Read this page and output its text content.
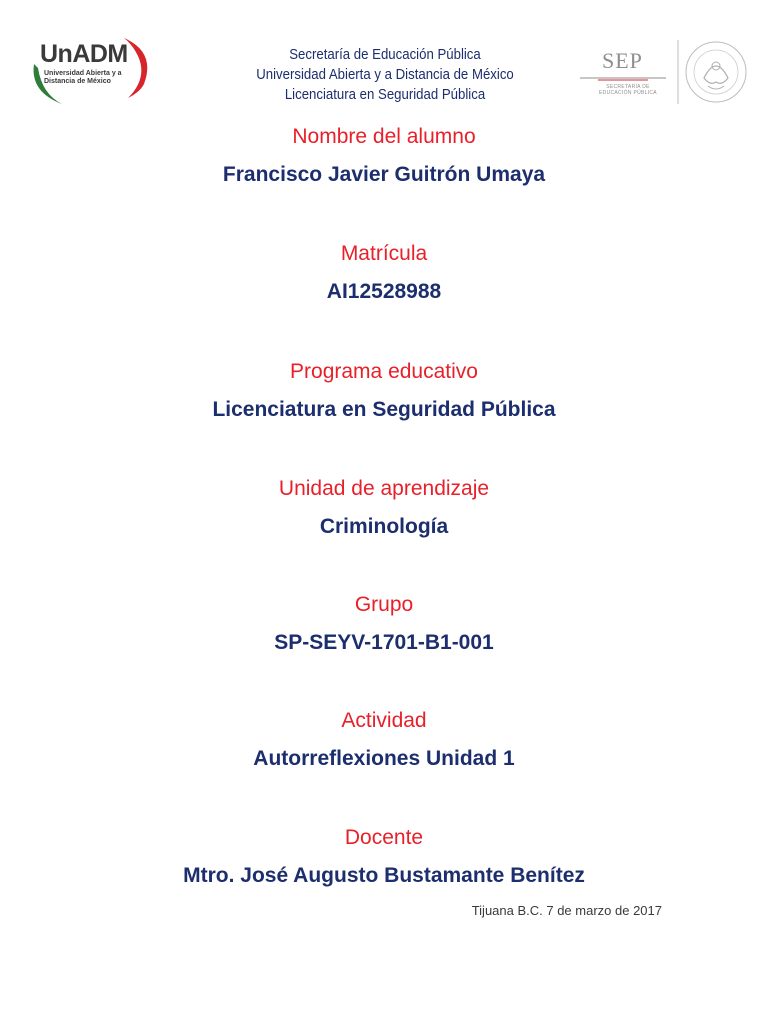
UnADM
Universidad Abierta y a
Distancia de México
Secretaría de Educación Pública
Universidad Abierta y a Distancia de México
Licenciatura en Seguridad Pública
SEP
SECRETARÍA DE
EDUCACIÓN PÚBLICA
Nombre del alumno
Francisco Javier Guitrón Umaya
Matrícula
AI12528988
Programa educativo
Licenciatura en Seguridad Pública
Unidad de aprendizaje
Criminología
Grupo
SP-SEYV-1701-B1-001
Actividad
Autorreflexiones Unidad 1
Docente
Mtro. José Augusto Bustamante Benítez
Tijuana B.C. 7 de marzo de 2017
